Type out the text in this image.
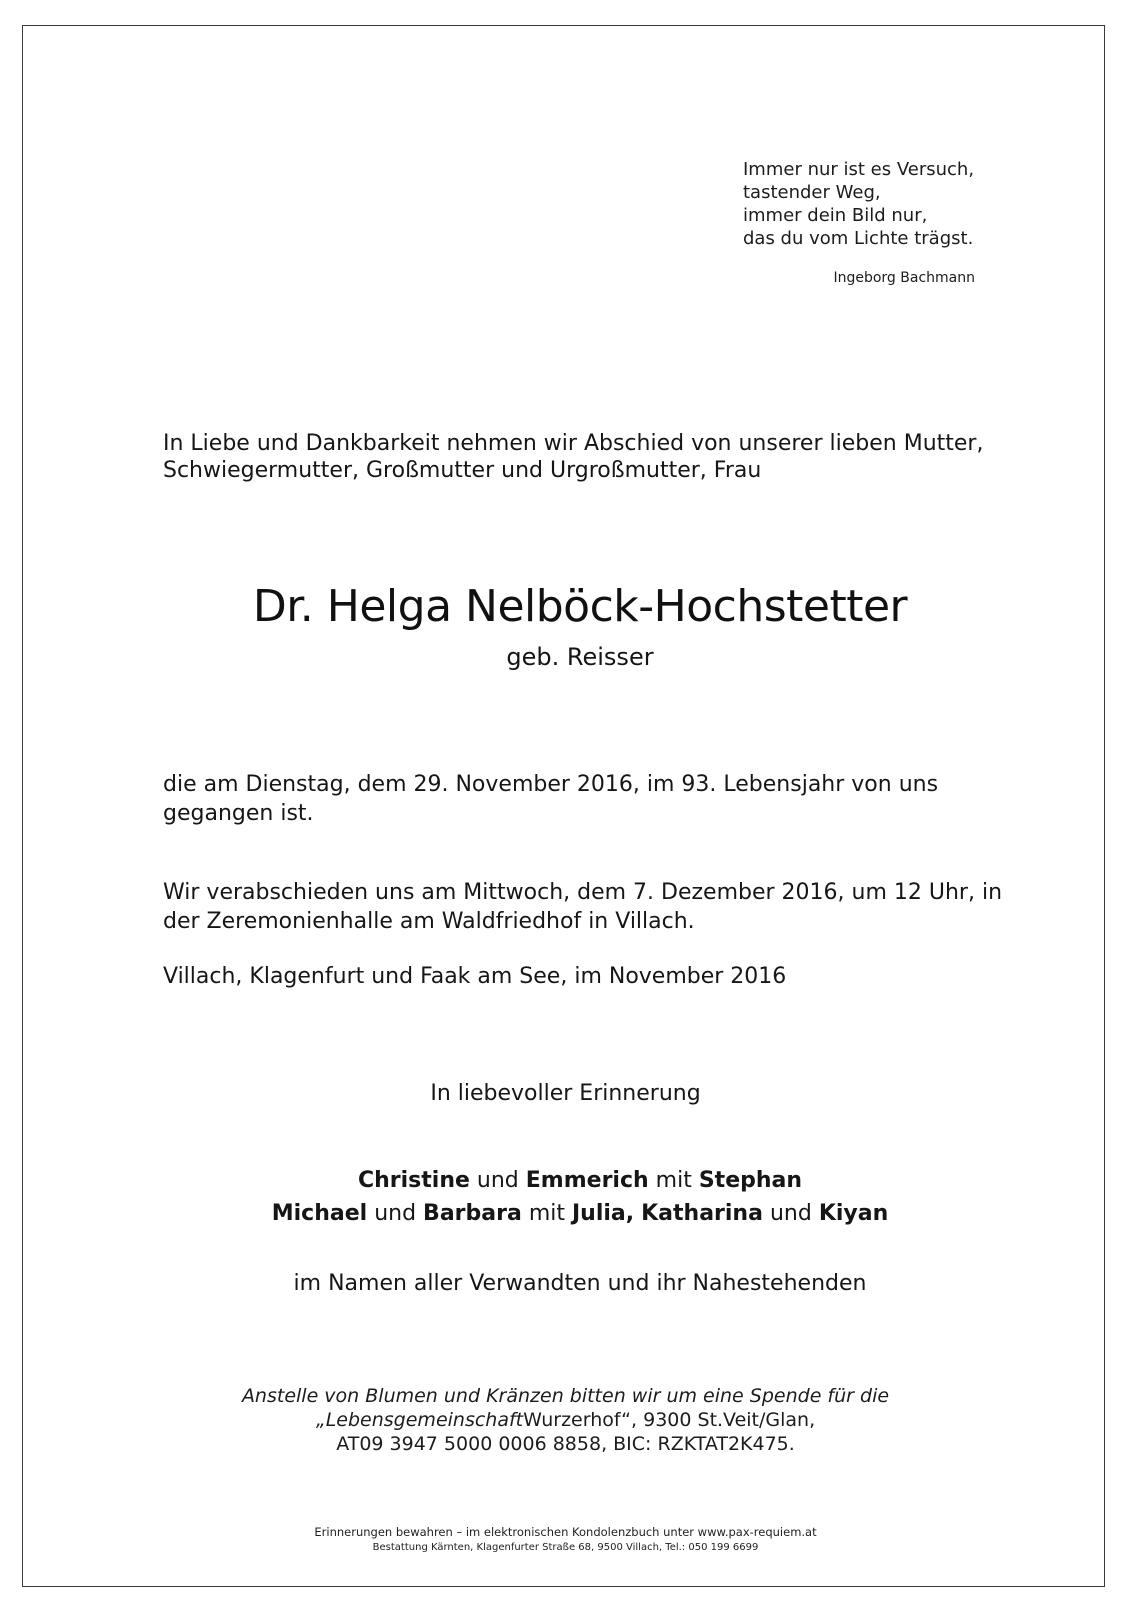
Immer nur ist es Versuch,
tastender Weg,
immer dein Bild nur,
das du vom Lichte trägst.
Ingeborg Bachmann
In Liebe und Dankbarkeit nehmen wir Abschied von unserer lieben Mutter,
Schwiegermutter, Großmutter und Urgroßmutter, Frau
Dr. Helga Nelböck-Hochstetter
geb. Reisser
die am Dienstag, dem 29. November 2016, im 93. Lebensjahr von uns
gegangen ist.
Wir verabschieden uns am Mittwoch, dem 7. Dezember 2016, um 12 Uhr, in
der Zeremonienhalle am Waldfriedhof in Villach.
Villach, Klagenfurt und Faak am See, im November 2016
In liebevoller Erinnerung
Christine und Emmerich mit Stephan
Michael und Barbara mit Julia, Katharina und Kiyan
im Namen aller Verwandten und ihr Nahestehenden
Anstelle von Blumen und Kränzen bitten wir um eine Spende für die
„LebensgemeinschaftWurzerhof“, 9300 St.Veit/Glan,
AT09 3947 5000 0006 8858, BIC: RZKTAT2K475.
Erinnerungen bewahren – im elektronischen Kondolenzbuch unter www.pax-requiem.at
Bestattung Kärnten, Klagenfurter Straße 68, 9500 Villach, Tel.: 050 199 6699
